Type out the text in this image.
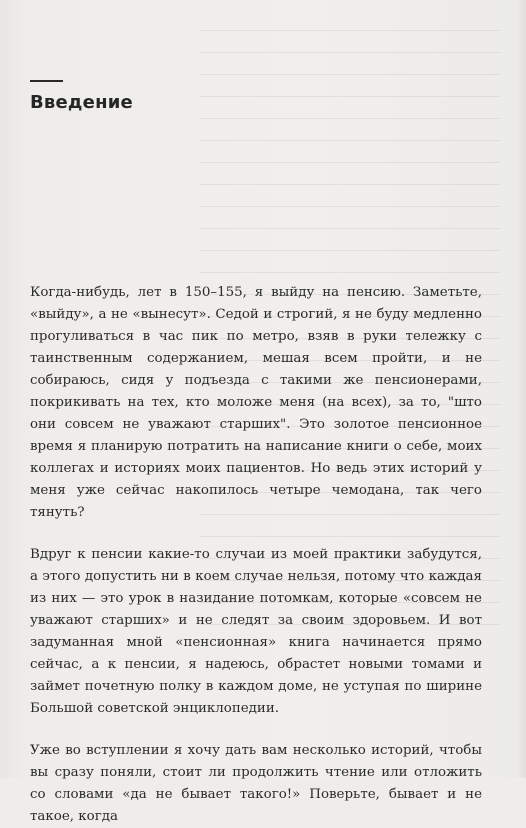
Введение

Когда-нибудь, лет в 150–155, я выйду на пенсию. Заметьте, «выйду», а не «вынесут». Седой и строгий, я не буду медленно прогуливаться в час пик по метро, взяв в руки тележку с таинственным содержанием, мешая всем пройти, и не собираюсь, сидя у подъезда с такими же пенсионерами, покрикивать на тех, кто моложе меня (на всех), за то, "што они совсем не уважают старших". Это золотое пенсионное время я планирую потратить на написание книги о себе, моих коллегах и историях моих пациентов. Но ведь этих историй у меня уже сейчас накопилось четыре чемодана, так чего тянуть?

Вдруг к пенсии какие-то случаи из моей практики забудутся, а этого допустить ни в коем случае нельзя, потому что каждая из них — это урок в назидание потомкам, которые «совсем не уважают старших» и не следят за своим здоровьем. И вот задуманная мной «пенсионная» книга начинается прямо сейчас, а к пенсии, я надеюсь, обрастет новыми томами и займет почетную полку в каждом доме, не уступая по ширине Большой советской энциклопедии.

Уже во вступлении я хочу дать вам несколько историй, чтобы вы сразу поняли, стоит ли продолжить чтение или отложить со словами «да не бывает такого!» Поверьте, бывает и не такое, когда
